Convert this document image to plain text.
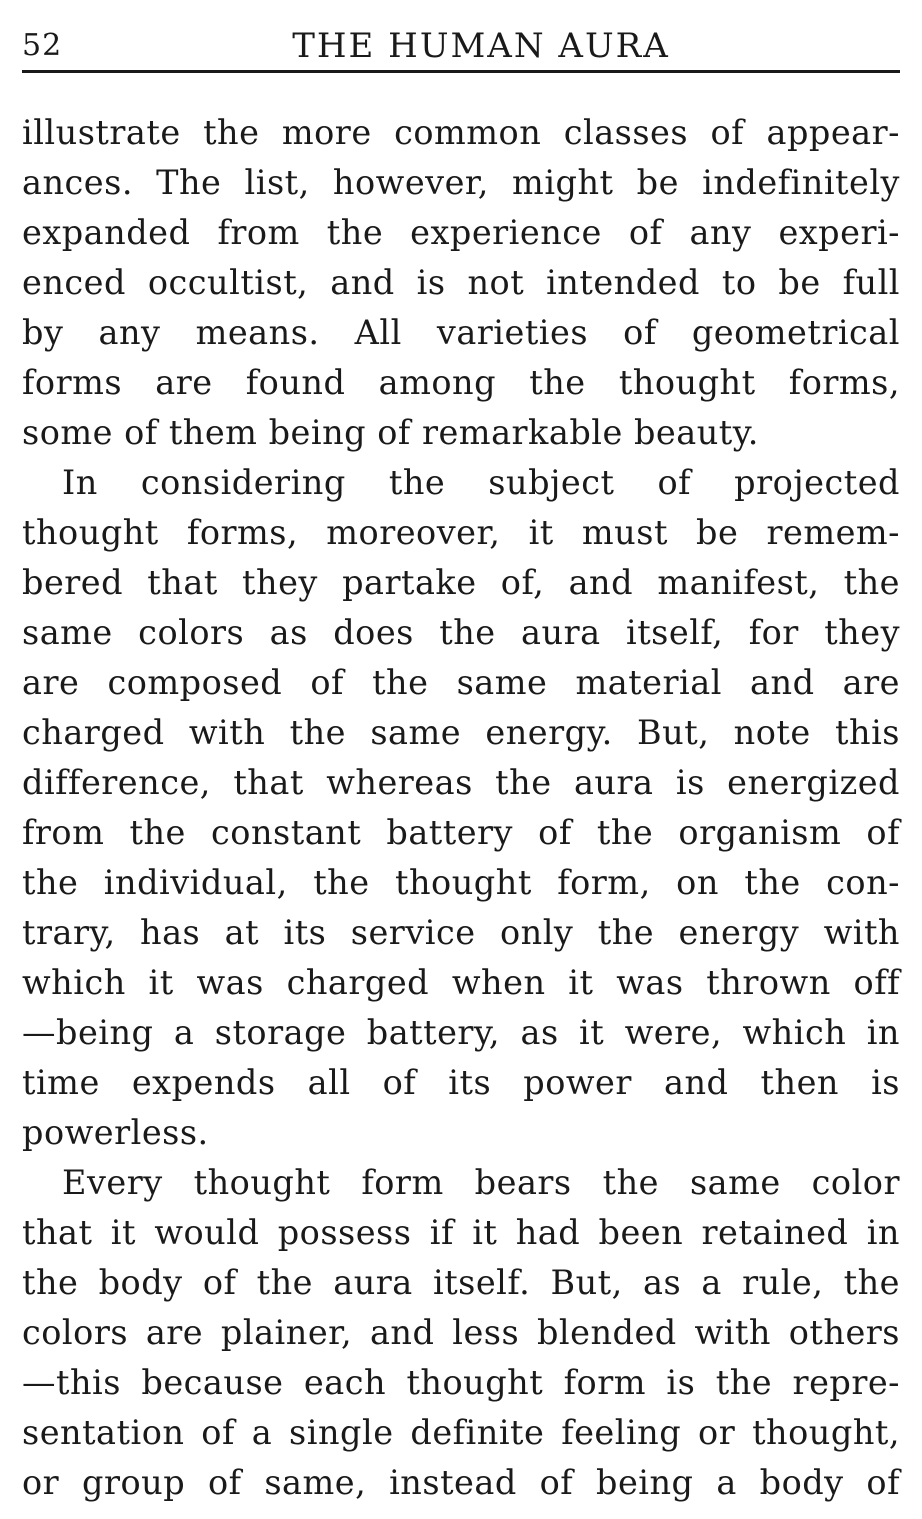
52	THE HUMAN AURA
illustrate the more common classes of appear-
ances. The list, however, might be indefinitely
expanded from the experience of any experi-
enced occultist, and is not intended to be full
by any means. All varieties of geometrical
forms are found among the thought forms,
some of them being of remarkable beauty.
In considering the subject of projected
thought forms, moreover, it must be remem-
bered that they partake of, and manifest, the
same colors as does the aura itself, for they
are composed of the same material and are
charged with the same energy. But, note this
difference, that whereas the aura is energized
from the constant battery of the organism of
the individual, the thought form, on the con-
trary, has at its service only the energy with
which it was charged when it was thrown off
—being a storage battery, as it were, which in
time expends all of its power and then is
powerless.
Every thought form bears the same color
that it would possess if it had been retained in
the body of the aura itself. But, as a rule, the
colors are plainer, and less blended with others
—this because each thought form is the repre-
sentation of a single definite feeling or thought,
or group of same, instead of being a body of
